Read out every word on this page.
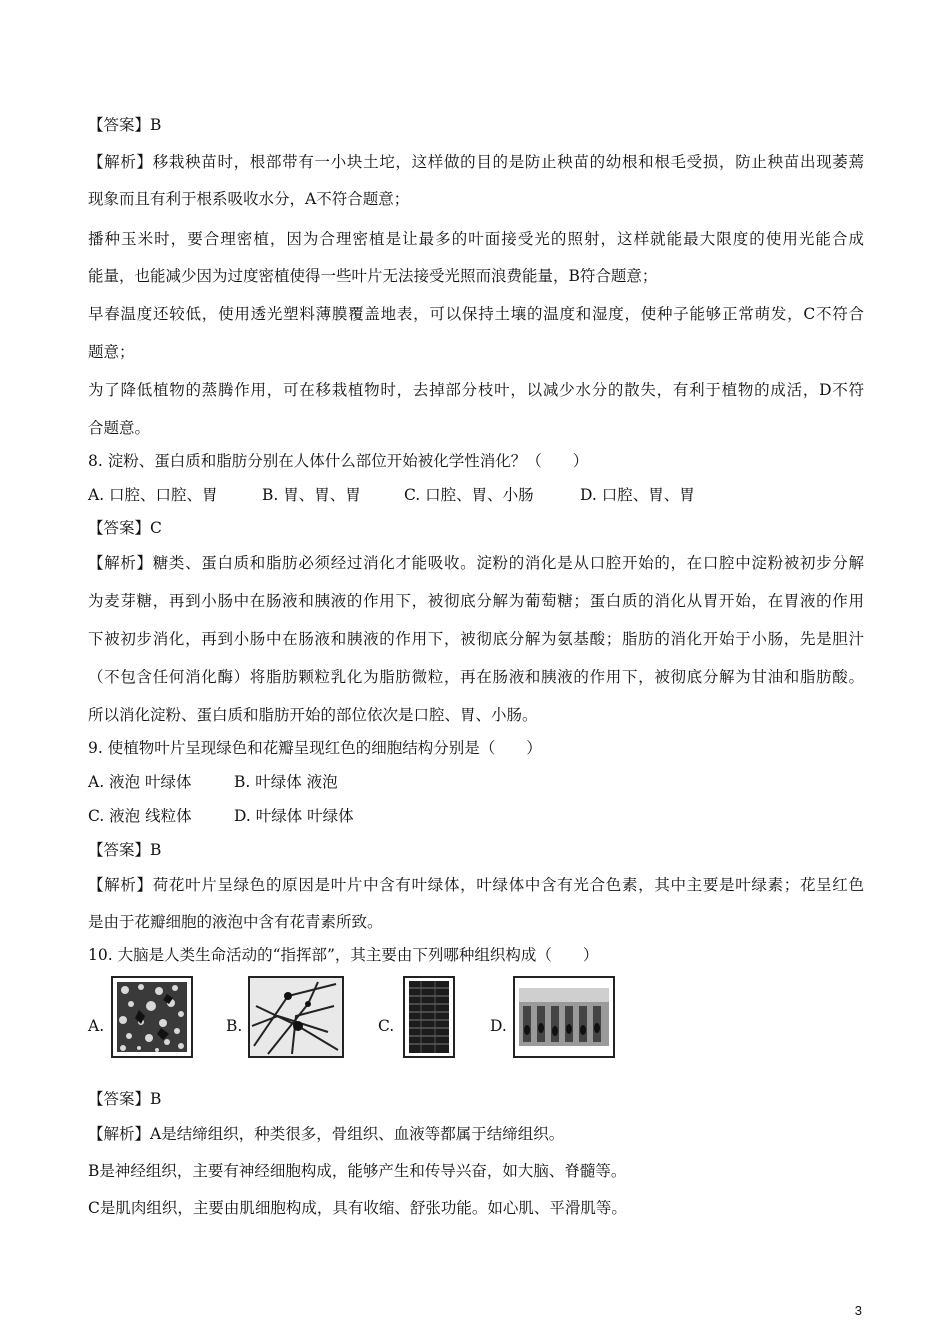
【答案】B
【解析】移栽秧苗时，根部带有一小块土坨，这样做的目的是防止秧苗的幼根和根毛受损，防止秧苗出现萎蔫
现象而且有利于根系吸收水分，A不符合题意；
播种玉米时，要合理密植，因为合理密植是让最多的叶面接受光的照射，这样就能最大限度的使用光能合成
能量，也能减少因为过度密植使得一些叶片无法接受光照而浪费能量，B符合题意；
早春温度还较低，使用透光塑料薄膜覆盖地表，可以保持土壤的温度和湿度，使种子能够正常萌发，C不符合
题意；
为了降低植物的蒸腾作用，可在移栽植物时，去掉部分枝叶，以减少水分的散失，有利于植物的成活，D不符
合题意。
8. 淀粉、蛋白质和脂肪分别在人体什么部位开始被化学性消化？（　　）
A. 口腔、口腔、胃	B. 胃、胃、胃	C. 口腔、胃、小肠	D. 口腔、胃、胃
【答案】C
【解析】糖类、蛋白质和脂肪必须经过消化才能吸收。淀粉的消化是从口腔开始的，在口腔中淀粉被初步分解
为麦芽糖，再到小肠中在肠液和胰液的作用下，被彻底分解为葡萄糖；蛋白质的消化从胃开始，在胃液的作用
下被初步消化，再到小肠中在肠液和胰液的作用下，被彻底分解为氨基酸；脂肪的消化开始于小肠，先是胆汁
（不包含任何消化酶）将脂肪颗粒乳化为脂肪微粒，再在肠液和胰液的作用下，被彻底分解为甘油和脂肪酸。
所以消化淀粉、蛋白质和脂肪开始的部位依次是口腔、胃、小肠。
9. 使植物叶片呈现绿色和花瓣呈现红色的细胞结构分别是（　　）
A. 液泡 叶绿体	B. 叶绿体 液泡
C. 液泡 线粒体	D. 叶绿体 叶绿体
【答案】B
【解析】荷花叶片呈绿色的原因是叶片中含有叶绿体，叶绿体中含有光合色素，其中主要是叶绿素；花呈红色
是由于花瓣细胞的液泡中含有花青素所致。
10. 大脑是人类生命活动的“指挥部”，其主要由下列哪种组织构成（　　）
A.	B.	C.	D.
【答案】B
【解析】A是结缔组织，种类很多，骨组织、血液等都属于结缔组织。
B是神经组织，主要有神经细胞构成，能够产生和传导兴奋，如大脑、脊髓等。
C是肌肉组织，主要由肌细胞构成，具有收缩、舒张功能。如心肌、平滑肌等。
3
